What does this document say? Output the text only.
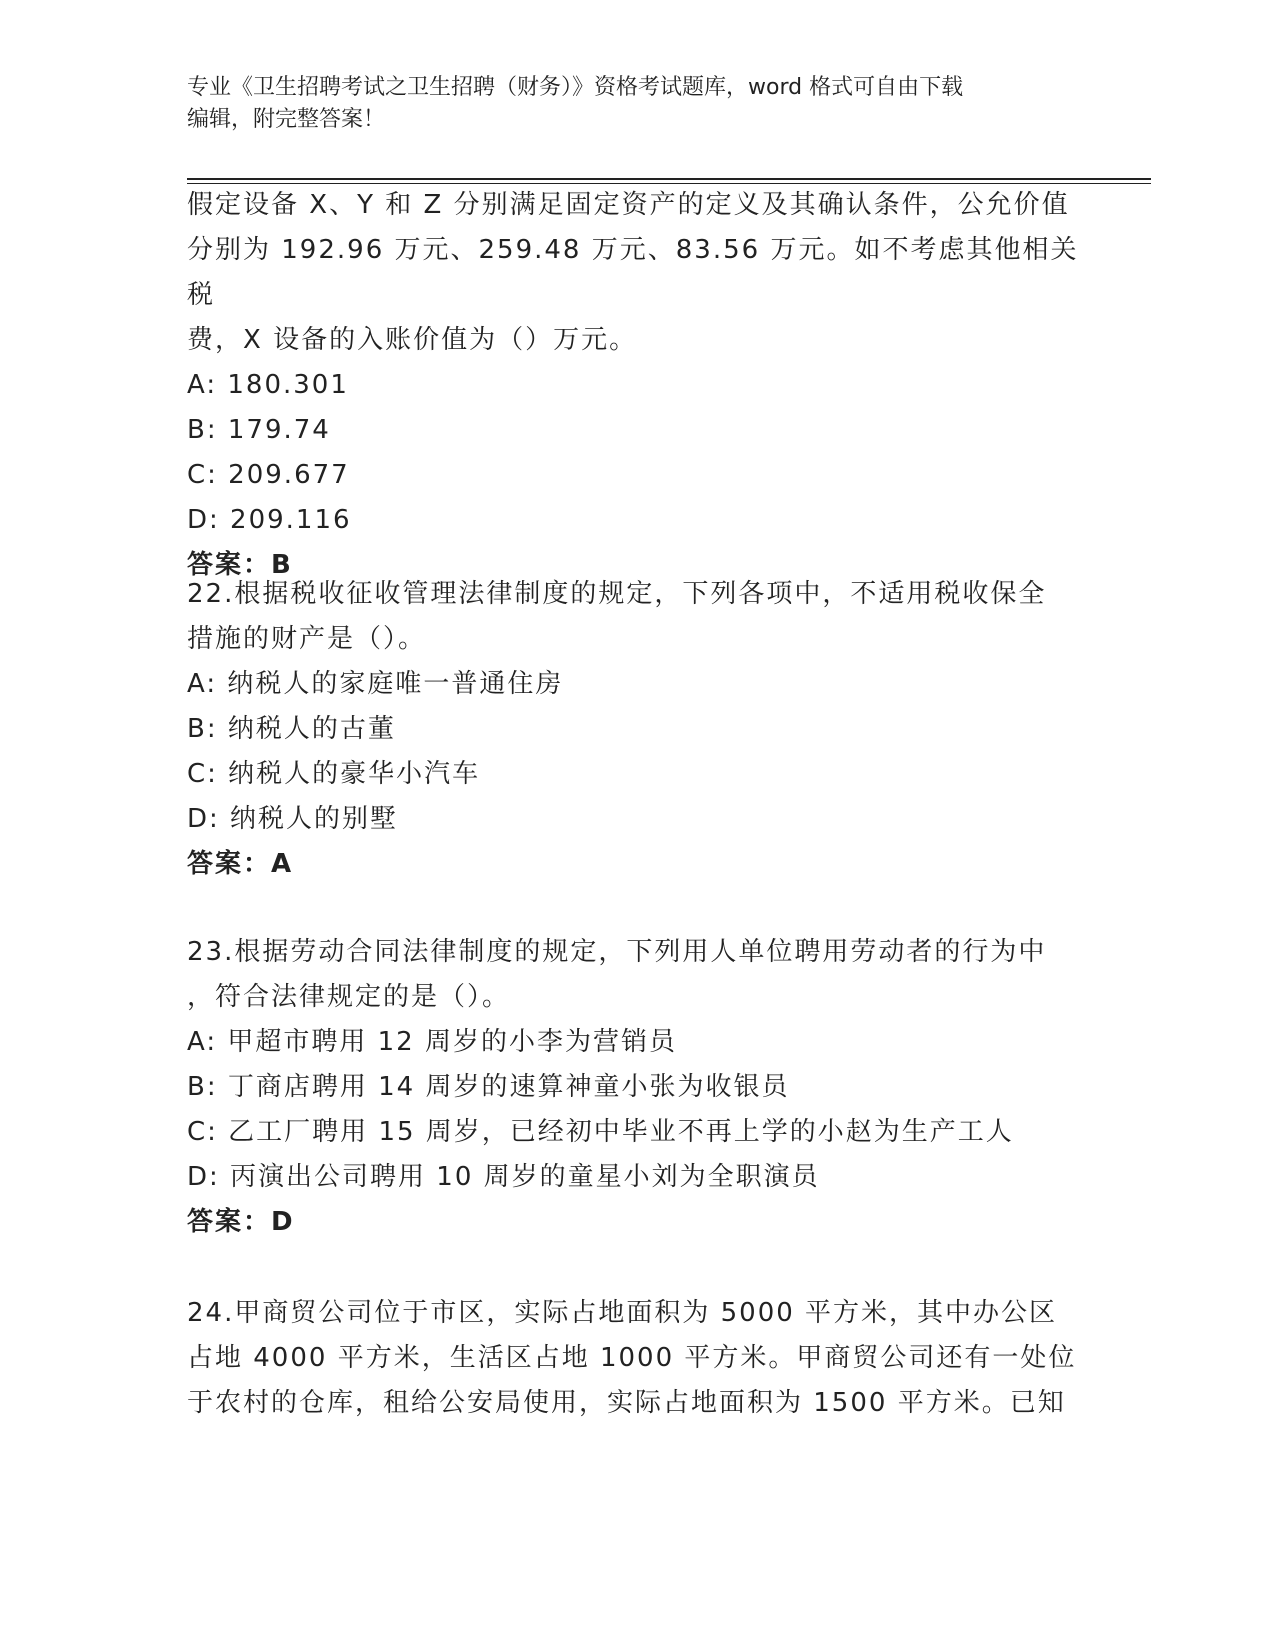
专业《卫生招聘考试之卫生招聘（财务）》资格考试题库，word 格式可自由下载
编辑，附完整答案！
假定设备 X、Y 和 Z 分别满足固定资产的定义及其确认条件，公允价值
分别为 192.96 万元、259.48 万元、83.56 万元。如不考虑其他相关税
费，X 设备的入账价值为（）万元。
A: 180.301
B: 179.74
C: 209.677
D: 209.116
答案：B
22.根据税收征收管理法律制度的规定，下列各项中，不适用税收保全
措施的财产是（）。
A: 纳税人的家庭唯一普通住房
B: 纳税人的古董
C: 纳税人的豪华小汽车
D: 纳税人的别墅
答案：A
23.根据劳动合同法律制度的规定，下列用人单位聘用劳动者的行为中
，符合法律规定的是（）。
A: 甲超市聘用 12 周岁的小李为营销员
B: 丁商店聘用 14 周岁的速算神童小张为收银员
C: 乙工厂聘用 15 周岁，已经初中毕业不再上学的小赵为生产工人
D: 丙演出公司聘用 10 周岁的童星小刘为全职演员
答案：D
24.甲商贸公司位于市区，实际占地面积为 5000 平方米，其中办公区
占地 4000 平方米，生活区占地 1000 平方米。甲商贸公司还有一处位
于农村的仓库，租给公安局使用，实际占地面积为 1500 平方米。已知
